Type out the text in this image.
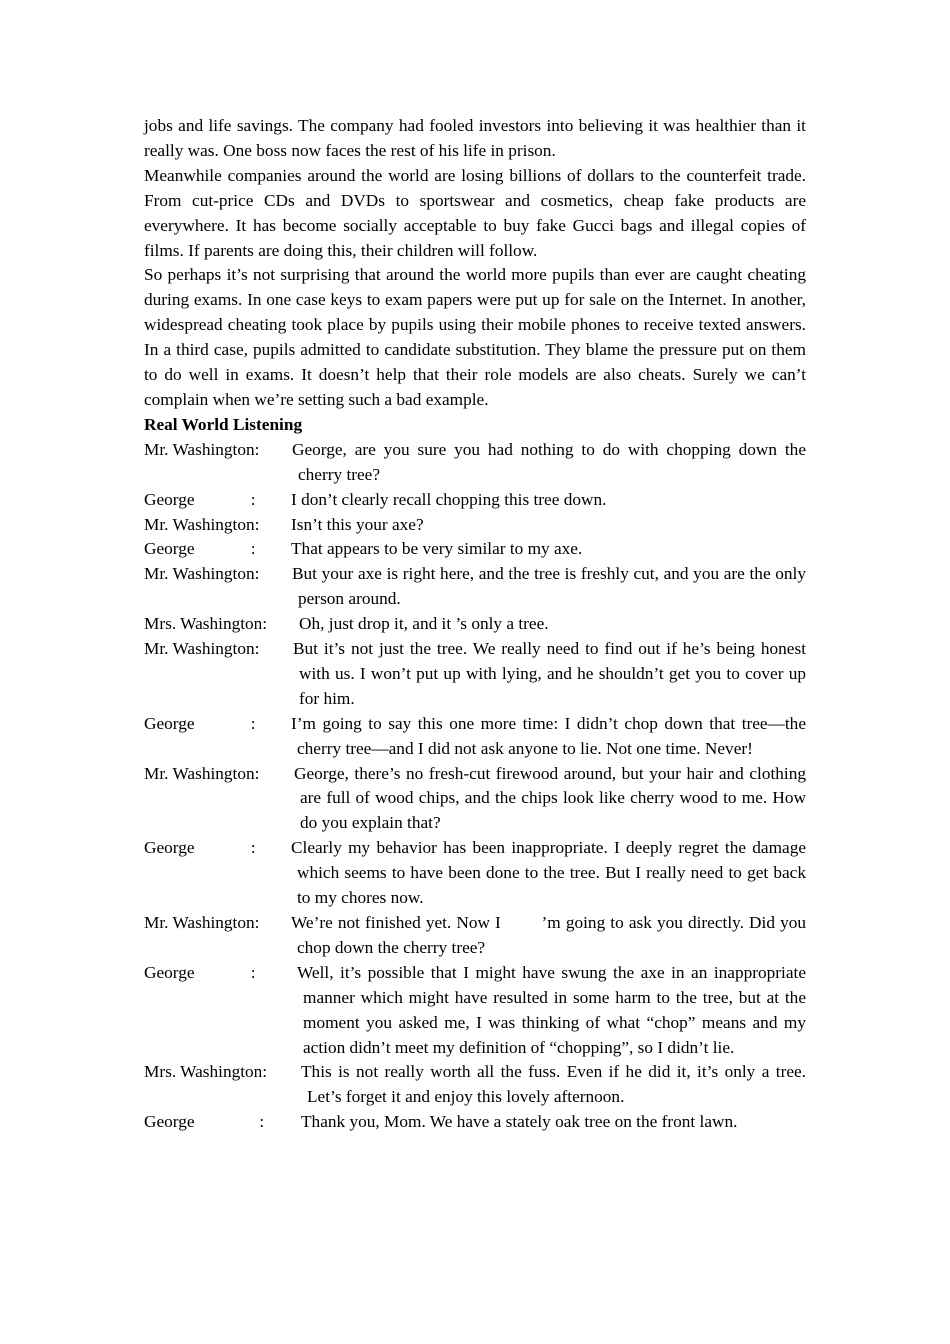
jobs and life savings. The company had fooled investors into believing it was healthier than it really was. One boss now faces the rest of his life in prison.

Meanwhile companies around the world are losing billions of dollars to the counterfeit trade. From cut-price CDs and DVDs to sportswear and cosmetics, cheap fake products are everywhere. It has become socially acceptable to buy fake Gucci bags and illegal copies of films. If parents are doing this, their children will follow.

So perhaps it’s not surprising that around the world more pupils than ever are caught cheating during exams. In one case keys to exam papers were put up for sale on the Internet. In another, widespread cheating took place by pupils using their mobile phones to receive texted answers. In a third case, pupils admitted to candidate substitution. They blame the pressure put on them to do well in exams. It doesn’t help that their role models are also cheats. Surely we can’t complain when we’re setting such a bad example.

Real World Listening

Mr. Washington:	George, are you sure you had nothing to do with chopping down the cherry tree?
George             :	I don’t clearly recall chopping this tree down.
Mr. Washington:	Isn’t this your axe?
George             :	That appears to be very similar to my axe.
Mr. Washington:	But your axe is right here, and the tree is freshly cut, and you are the only person around.
Mrs. Washington:	Oh, just drop it, and it ’s only a tree.
Mr. Washington:	But it’s not just the tree. We really need to find out if he’s being honest with us. I won’t put up with lying, and he shouldn’t get you to cover up for him.
George             :	I’m going to say this one more time: I didn’t chop down that tree—the cherry tree—and I did not ask anyone to lie. Not one time. Never!
Mr. Washington:	George, there’s no fresh-cut firewood around, but your hair and clothing are full of wood chips, and the chips look like cherry wood to me. How do you explain that?
George             :	Clearly my behavior has been inappropriate. I deeply regret the damage which seems to have been done to the tree. But I really need to get back to my chores now.
Mr. Washington:	We’re not finished yet. Now I        ’m going to ask you directly. Did you chop down the cherry tree?
George             :	Well, it’s possible that I might have swung the axe in an inappropriate manner which might have resulted in some harm to the tree, but at the moment you asked me, I was thinking of what “chop” means and my action didn’t meet my definition of “chopping”, so I didn’t lie.
Mrs. Washington:	This is not really worth all the fuss. Even if he did it, it’s only a tree. Let’s forget it and enjoy this lovely afternoon.
George               :	Thank you, Mom. We have a stately oak tree on the front lawn.
